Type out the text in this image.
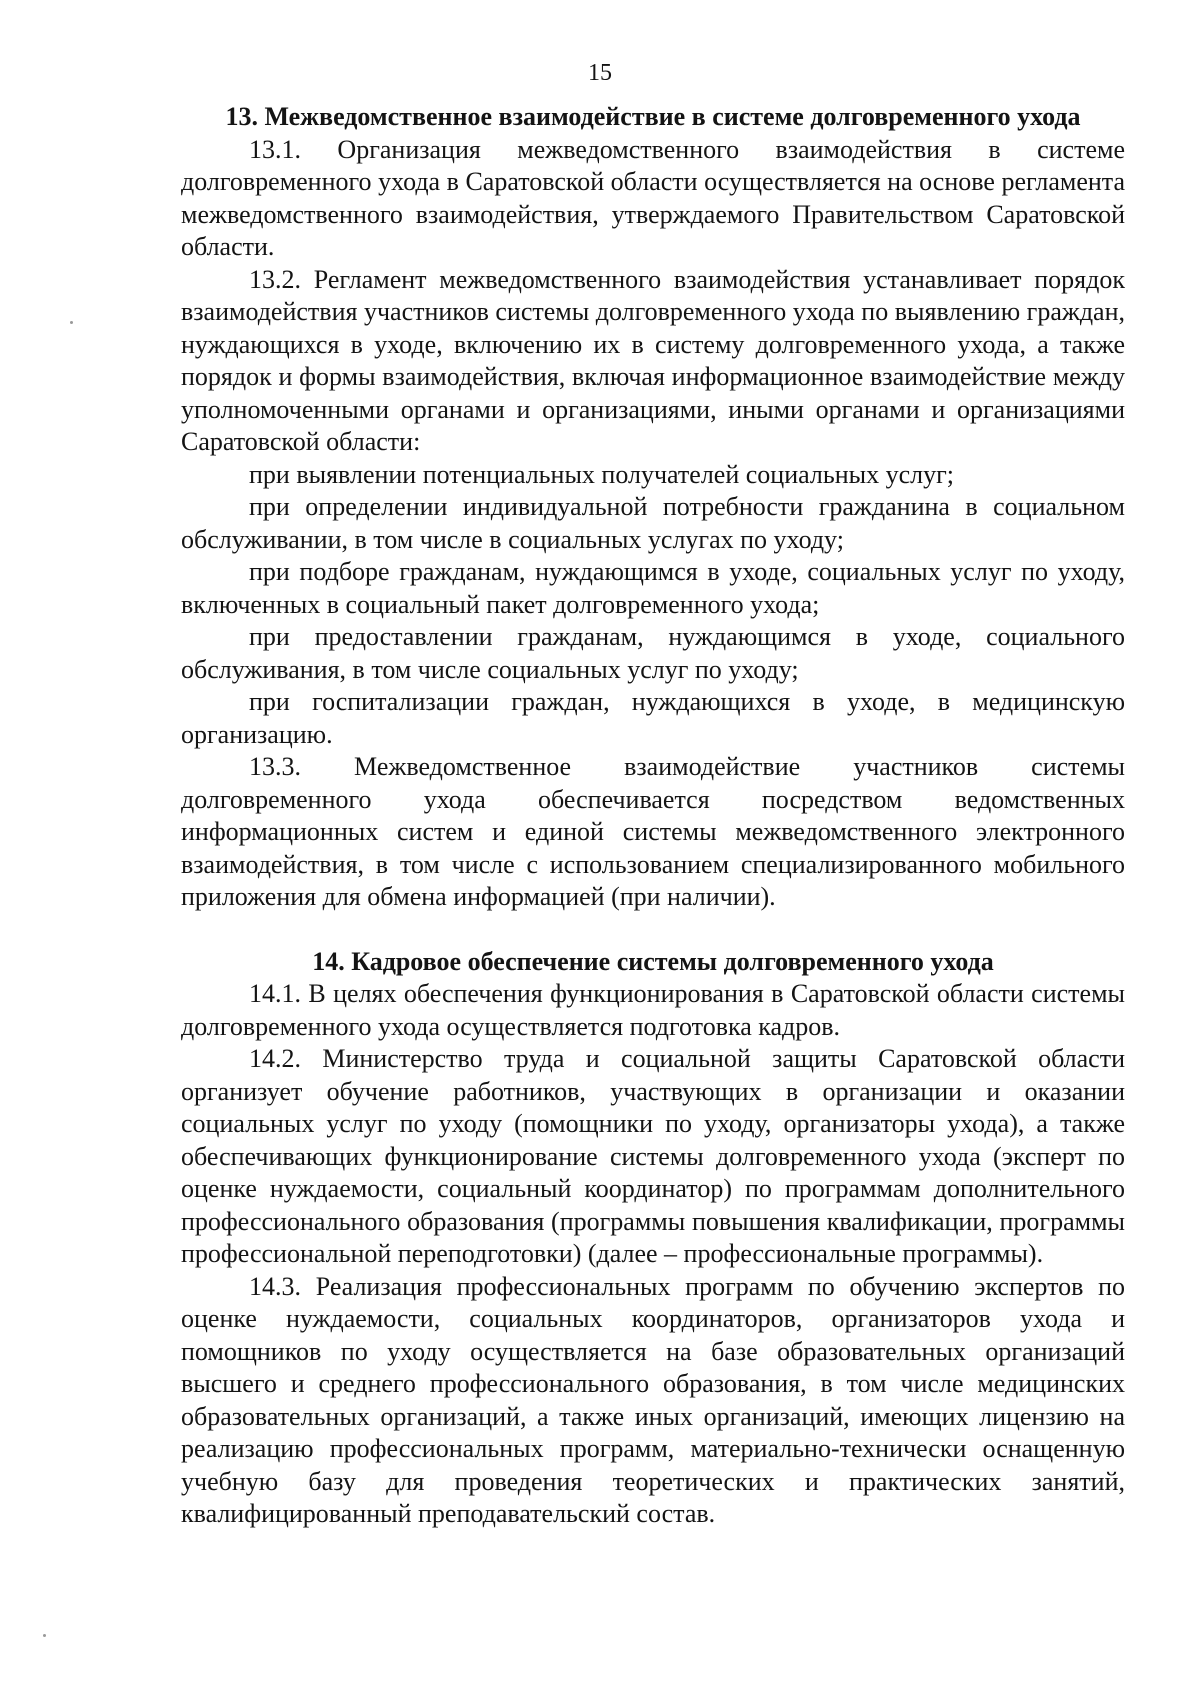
15

13. Межведомственное взаимодействие в системе долговременного ухода

13.1. Организация межведомственного взаимодействия в системе долговременного ухода в Саратовской области осуществляется на основе регламента межведомственного взаимодействия, утверждаемого Правительством Саратовской области.

13.2. Регламент межведомственного взаимодействия устанавливает порядок взаимодействия участников системы долговременного ухода по выявлению граждан, нуждающихся в уходе, включению их в систему долговременного ухода, а также порядок и формы взаимодействия, включая информационное взаимодействие между уполномоченными органами и организациями, иными органами и организациями Саратовской области:

при выявлении потенциальных получателей социальных услуг;

при определении индивидуальной потребности гражданина в социальном обслуживании, в том числе в социальных услугах по уходу;

при подборе гражданам, нуждающимся в уходе, социальных услуг по уходу, включенных в социальный пакет долговременного ухода;

при предоставлении гражданам, нуждающимся в уходе, социального обслуживания, в том числе социальных услуг по уходу;

при госпитализации граждан, нуждающихся в уходе, в медицинскую организацию.

13.3. Межведомственное взаимодействие участников системы долговременного ухода обеспечивается посредством ведомственных информационных систем и единой системы межведомственного электронного взаимодействия, в том числе с использованием специализированного мобильного приложения для обмена информацией (при наличии).

14. Кадровое обеспечение системы долговременного ухода

14.1. В целях обеспечения функционирования в Саратовской области системы долговременного ухода осуществляется подготовка кадров.

14.2. Министерство труда и социальной защиты Саратовской области организует обучение работников, участвующих в организации и оказании социальных услуг по уходу (помощники по уходу, организаторы ухода), а также обеспечивающих функционирование системы долговременного ухода (эксперт по оценке нуждаемости, социальный координатор) по программам дополнительного профессионального образования (программы повышения квалификации, программы профессиональной переподготовки) (далее – профессиональные программы).

14.3. Реализация профессиональных программ по обучению экспертов по оценке нуждаемости, социальных координаторов, организаторов ухода и помощников по уходу осуществляется на базе образовательных организаций высшего и среднего профессионального образования, в том числе медицинских образовательных организаций, а также иных организаций, имеющих лицензию на реализацию профессиональных программ, материально-технически оснащенную учебную базу для проведения теоретических и практических занятий, квалифицированный преподавательский состав.
